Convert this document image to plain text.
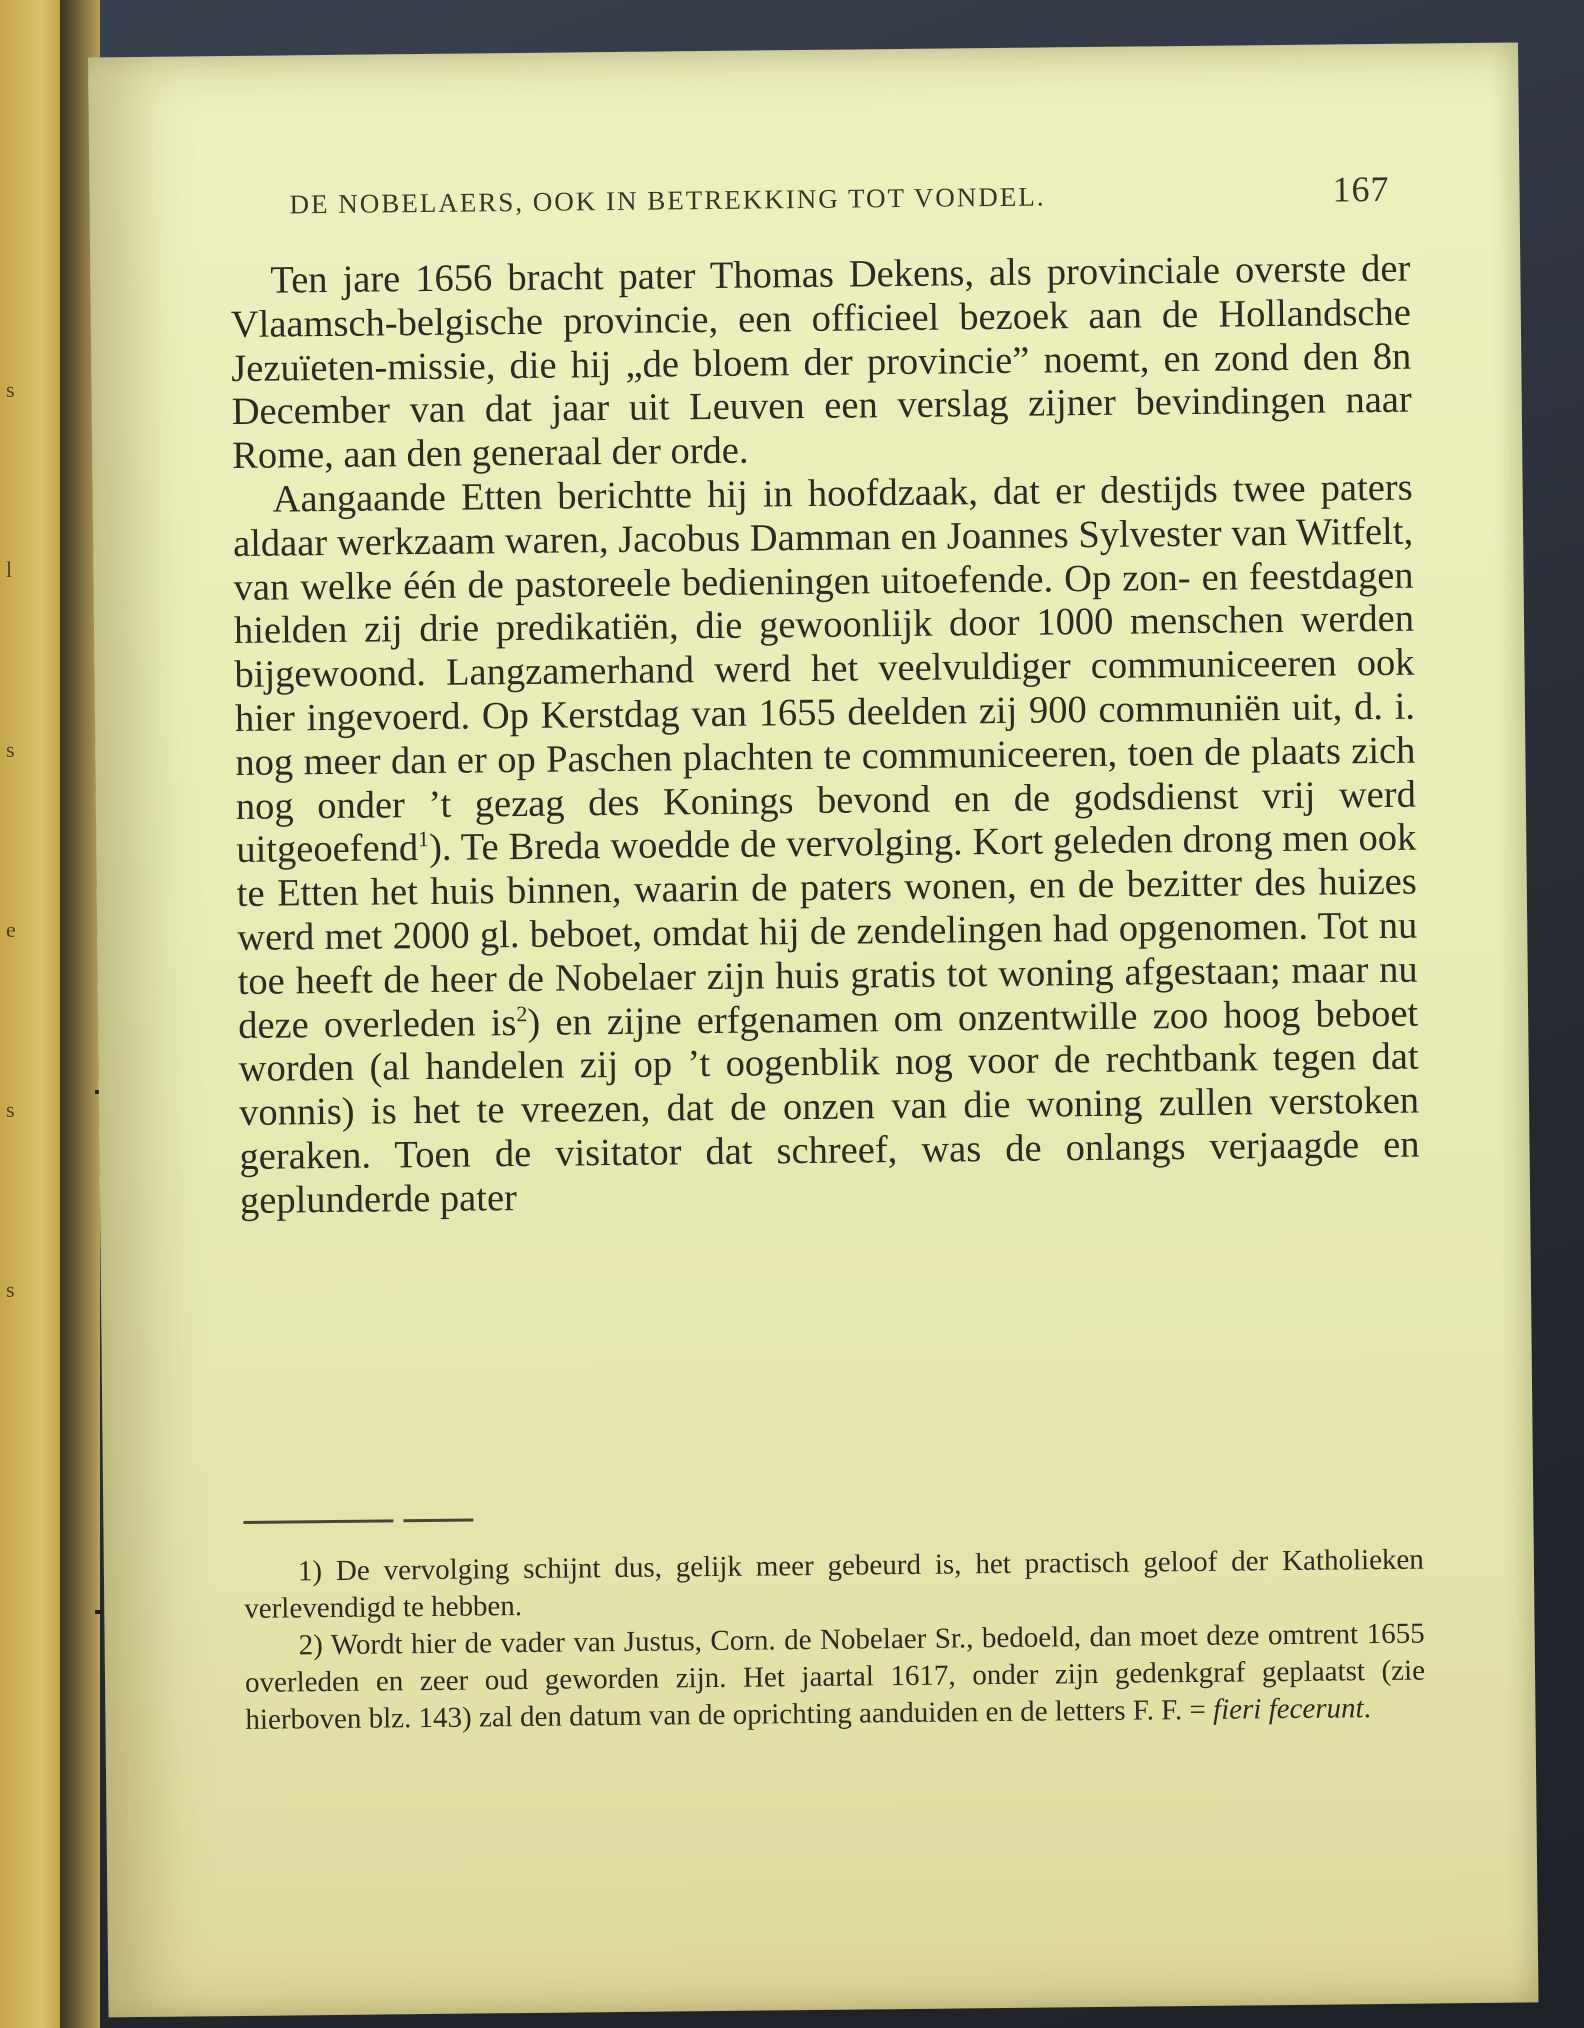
s

l

s

e

s

s

DE NOBELAERS, OOK IN BETREKKING TOT VONDEL.	167

Ten jare 1656 bracht pater Thomas Dekens, als provinciale overste der Vlaamsch-belgische provincie, een officieel bezoek aan de Hollandsche Jezuïeten-missie, die hij „de bloem der provincie” noemt, en zond den 8n December van dat jaar uit Leuven een verslag zijner bevindingen naar Rome, aan den generaal der orde.

Aangaande Etten berichtte hij in hoofdzaak, dat er destijds twee paters aldaar werkzaam waren, Jacobus Damman en Joannes Sylvester van Witfelt, van welke één de pastoreele bedieningen uitoefende. Op zon- en feestdagen hielden zij drie predikatiën, die gewoonlijk door 1000 menschen werden bijgewoond. Langzamerhand werd het veelvuldiger communiceeren ook hier ingevoerd. Op Kerstdag van 1655 deelden zij 900 communiën uit, d. i. nog meer dan er op Paschen plachten te communiceeren, toen de plaats zich nog onder ’t gezag des Konings bevond en de godsdienst vrij werd uitgeoefend$^1$). Te Breda woedde de vervolging. Kort geleden drong men ook te Etten het huis binnen, waarin de paters wonen, en de bezitter des huizes werd met 2000 gl. beboet, omdat hij de zendelingen had opgenomen. Tot nu toe heeft de heer de Nobelaer zijn huis gratis tot woning afgestaan; maar nu deze overleden $is^2$) en zijne erfgenamen om onzentwille zoo hoog beboet worden (al handelen zij op ’t oogenblik nog voor de rechtbank tegen dat vonnis) is het te vreezen, dat de onzen van die woning zullen verstoken geraken. Toen de visitator dat schreef, was de onlangs verjaagde en geplunderde pater

1) De vervolging schijnt dus, gelijk meer gebeurd is, het practisch geloof der Katholieken verlevendigd te hebben.

2) Wordt hier de vader van Justus, Corn. de Nobelaer Sr., bedoeld, dan moet deze omtrent 1655 overleden en zeer oud geworden zijn. Het jaartal 1617, onder zijn gedenkgraf geplaatst (zie hierboven blz. 143) zal den datum van de oprichting aanduiden en de letters F. F. = fieri fecerunt.
